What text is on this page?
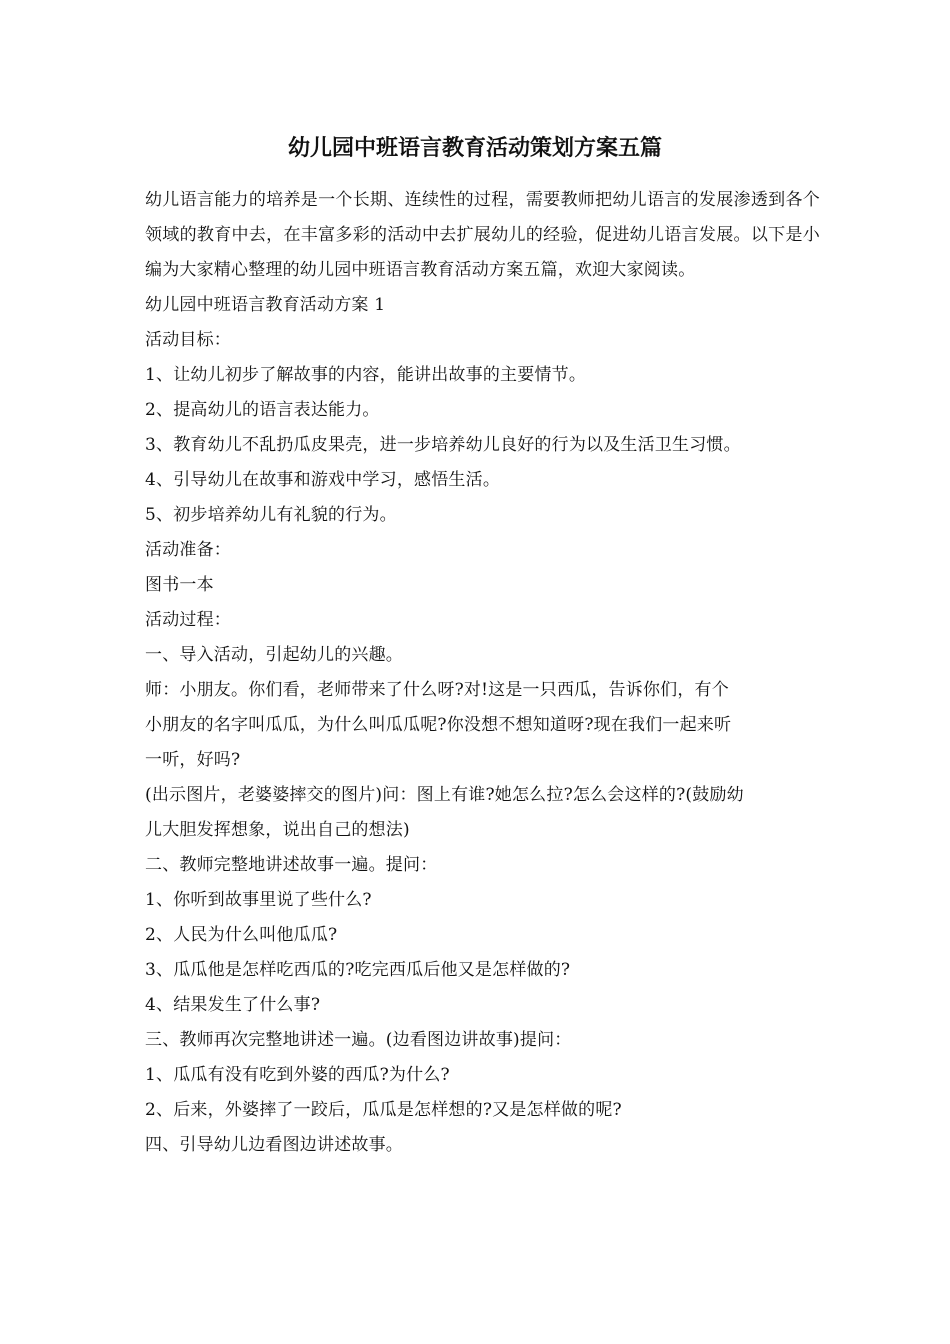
幼儿园中班语言教育活动策划方案五篇

幼儿语言能力的培养是一个长期、连续性的过程，需要教师把幼儿语言的发展渗透到各个领域的教育中去，在丰富多彩的活动中去扩展幼儿的经验，促进幼儿语言发展。以下是小编为大家精心整理的幼儿园中班语言教育活动方案五篇，欢迎大家阅读。

幼儿园中班语言教育活动方案 1
活动目标：
1、让幼儿初步了解故事的内容，能讲出故事的主要情节。
2、提高幼儿的语言表达能力。
3、教育幼儿不乱扔瓜皮果壳，进一步培养幼儿良好的行为以及生活卫生习惯。
4、引导幼儿在故事和游戏中学习，感悟生活。
5、初步培养幼儿有礼貌的行为。
活动准备：
图书一本
活动过程：
一、导入活动，引起幼儿的兴趣。
师：小朋友。你们看，老师带来了什么呀?对!这是一只西瓜，告诉你们，有个
小朋友的名字叫瓜瓜，为什么叫瓜瓜呢?你没想不想知道呀?现在我们一起来听
一听，好吗?
(出示图片，老婆婆摔交的图片)问：图上有谁?她怎么拉?怎么会这样的?(鼓励幼
儿大胆发挥想象，说出自己的想法)
二、教师完整地讲述故事一遍。提问：
1、你听到故事里说了些什么?
2、人民为什么叫他瓜瓜?
3、瓜瓜他是怎样吃西瓜的?吃完西瓜后他又是怎样做的?
4、结果发生了什么事?
三、教师再次完整地讲述一遍。(边看图边讲故事)提问：
1、瓜瓜有没有吃到外婆的西瓜?为什么?
2、后来，外婆摔了一跤后，瓜瓜是怎样想的?又是怎样做的呢?
四、引导幼儿边看图边讲述故事。
